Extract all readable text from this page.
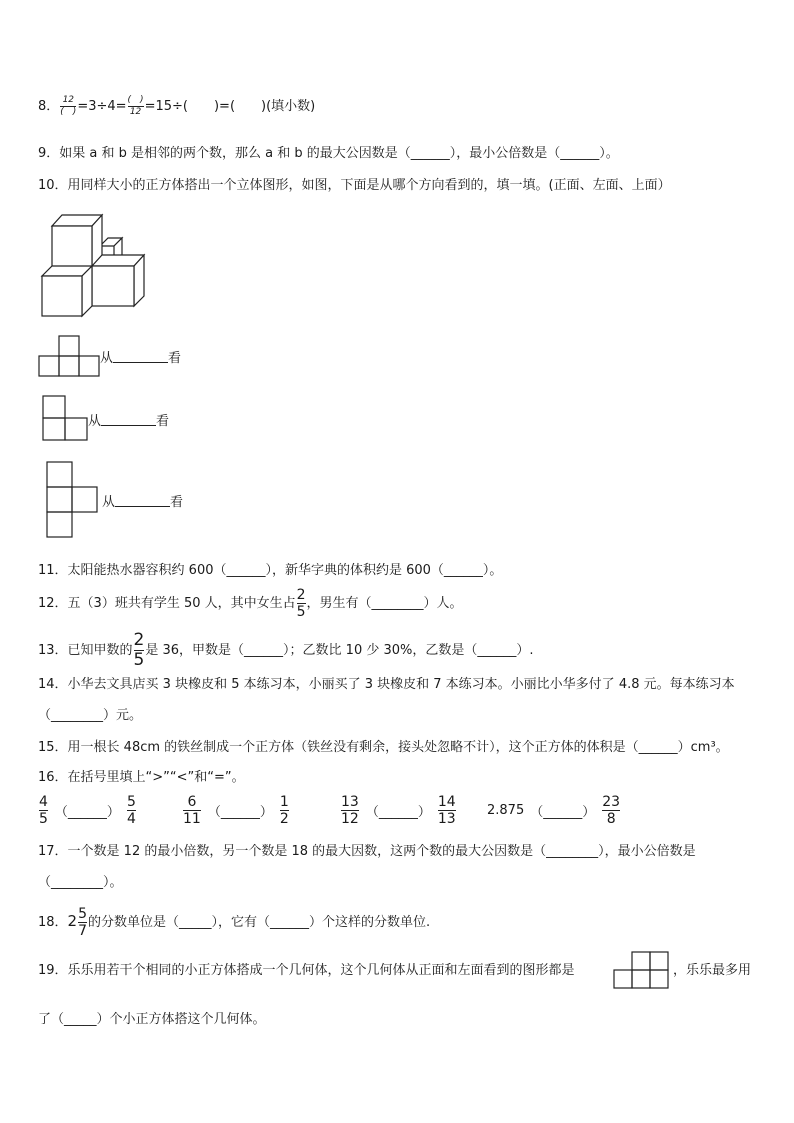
8． $\frac{12}{( )} =3\div 4= \frac{( )}{12} =15\div$(　　)=(　　)(填小数)
9．如果 a 和 b 是相邻的两个数，那么 a 和 b 的最大公因数是（______），最小公倍数是（______）。
10．用同样大小的正方体搭出一个立体图形，如图，下面是从哪个方向看到的，填一填。(正面、左面、上面）
从	看
从	看
从	看
11．太阳能热水器容积约 600（______），新华字典的体积约是 600（______）。
12．五（3）班共有学生 50 人，其中女生占 $\frac{2}{5}$ ，男生有（________）人。
13．已知甲数的 $\frac{2}{5}$ 是 36，甲数是（______）；乙数比 10 少 30%，乙数是（______）.
14．小华去文具店买 3 块橡皮和 5 本练习本，小丽买了 3 块橡皮和 7 本练习本。小丽比小华多付了 4.8 元。每本练习本
（________）元。
15．用一根长 48cm 的铁丝制成一个正方体（铁丝没有剩余，接头处忽略不计），这个正方体的体积是（______）cm³。
16．在括号里填上“>”“<”和“=”。
$\frac{4}{5}$ （______） $\frac{5}{4}$	$\frac{6}{11}$ （______） $\frac{1}{2}$	$\frac{13}{12}$ （______） $\frac{14}{13} 2.875$ （______） $\frac{23}{8}$
17．一个数是 12 的最小倍数，另一个数是 18 的最大因数，这两个数的最大公因数是（________），最小公倍数是
（________）。
18．$2 \frac{5}{7}$ 的分数单位是（_____），它有（______）个这样的分数单位.
19．乐乐用若干个相同的小正方体搭成一个几何体，这个几何体从正面和左面看到的图形都是	，乐乐最多用
了（_____）个小正方体搭这个几何体。
